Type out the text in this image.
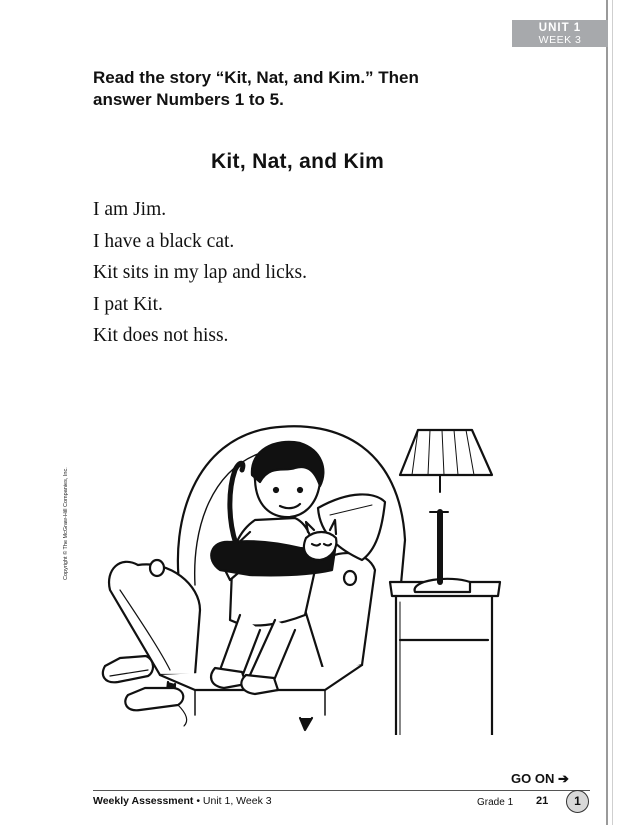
UNIT 1
WEEK 3

Read the story “Kit, Nat, and Kim.” Then
answer Numbers 1 to 5.

Kit, Nat, and Kim
I am Jim.
I have a black cat.
Kit sits in my lap and licks.
I pat Kit.
Kit does not hiss.
Copyright © The McGraw-Hill Companies, Inc.
GO ON ➔
Weekly Assessment • Unit 1, Week 3	Grade 1 21	1
